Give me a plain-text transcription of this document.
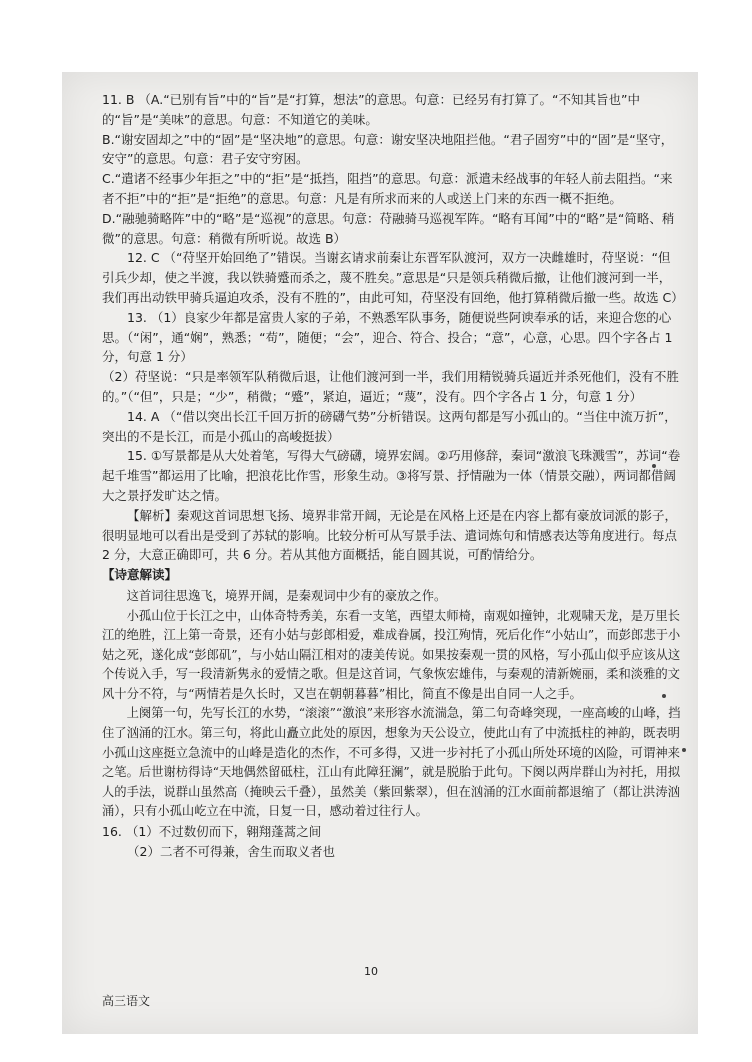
11. B （A.“已别有旨”中的“旨”是“打算，想法”的意思。句意：已经另有打算了。“不知其旨也”中的“旨”是“美味”的意思。句意：不知道它的美味。

B.“谢安固却之”中的“固”是“坚决地”的意思。句意：谢安坚决地阻拦他。“君子固穷”中的“固”是“坚守，安守”的意思。句意：君子安守穷困。

C.“遣诸不经事少年拒之”中的“拒”是“抵挡，阻挡”的意思。句意：派遣未经战事的年轻人前去阻挡。“来者不拒”中的“拒”是“拒绝”的意思。句意：凡是有所求而来的人或送上门来的东西一概不拒绝。

D.“融驰骑略阵”中的“略”是“巡视”的意思。句意：苻融骑马巡视军阵。“略有耳闻”中的“略”是“简略、稍微”的意思。句意：稍微有所听说。故选 B）

12. C （“苻坚开始回绝了”错误。当谢玄请求前秦让东晋军队渡河，双方一决雌雄时，苻坚说：“但引兵少却，使之半渡，我以铁骑蹙而杀之，蔑不胜矣。”意思是“只是领兵稍微后撤，让他们渡河到一半，我们再出动铁甲骑兵逼迫攻杀，没有不胜的”，由此可知，苻坚没有回绝，他打算稍微后撤一些。故选 C）

13. （1）良家少年都是富贵人家的子弟，不熟悉军队事务，随便说些阿谀奉承的话，来迎合您的心思。（“闲”，通“娴”，熟悉；“苟”，随便；“会”，迎合、符合、投合；“意”，心意，心思。四个字各占 1 分，句意 1 分）

（2）苻坚说：“只是率领军队稍微后退，让他们渡河到一半，我们用精锐骑兵逼近并杀死他们，没有不胜的。”（“但”，只是；“少”，稍微；“蹙”，紧迫，逼近；“蔑”，没有。四个字各占 1 分，句意 1 分）

14. A （“借以突出长江千回万折的磅礴气势”分析错误。这两句都是写小孤山的。“当住中流万折”，突出的不是长江，而是小孤山的高峻挺拔）

15. ①写景都是从大处着笔，写得大气磅礴，境界宏阔。②巧用修辞，秦词“激浪飞珠溅雪”，苏词“卷起千堆雪”都运用了比喻，把浪花比作雪，形象生动。③将写景、抒情融为一体（情景交融），两词都借阔大之景抒发旷达之情。

【解析】秦观这首词思想飞扬、境界非常开阔，无论是在风格上还是在内容上都有豪放词派的影子，很明显地可以看出是受到了苏轼的影响。比较分析可从写景手法、遣词炼句和情感表达等角度进行。每点 2 分，大意正确即可，共 6 分。若从其他方面概括，能自圆其说，可酌情给分。

【诗意解读】

这首词往思逸飞，境界开阔，是秦观词中少有的豪放之作。

小孤山位于长江之中，山体奇特秀美，东看一支笔，西望太师椅，南观如撞钟，北观啸天龙，是万里长江的绝胜，江上第一奇景，还有小姑与彭郎相爱，难成眷属，投江殉情，死后化作“小姑山”，而彭郎悲于小姑之死，遂化成“彭郎矶”，与小姑山隔江相对的凄美传说。如果按秦观一贯的风格，写小孤山似乎应该从这个传说入手，写一段清新隽永的爱情之歌。但是这首词，气象恢宏雄伟，与秦观的清新婉丽，柔和淡雅的文风十分不符，与“两情若是久长时，又岂在朝朝暮暮”相比，简直不像是出自同一人之手。

上阕第一句，先写长江的水势，“滚滚”“激浪”来形容水流湍急，第二句奇峰突现，一座高峻的山峰，挡住了汹涌的江水。第三句，将此山矗立此处的原因，想象为天公设立，使此山有了中流抵柱的神韵，既表明小孤山这座挺立急流中的山峰是造化的杰作，不可多得，又进一步衬托了小孤山所处环境的凶险，可谓神来之笔。后世谢枋得诗“天地偶然留砥柱，江山有此障狂澜”，就是脱胎于此句。下阕以两岸群山为衬托，用拟人的手法，说群山虽然高（掩映云千叠），虽然美（紫回紫翠），但在汹涌的江水面前都退缩了（都让洪涛汹涌），只有小孤山屹立在中流，日复一日，感动着过往行人。

16. （1）不过数仞而下，翱翔蓬蒿之间

（2）二者不可得兼，舍生而取义者也

10
高三语文
